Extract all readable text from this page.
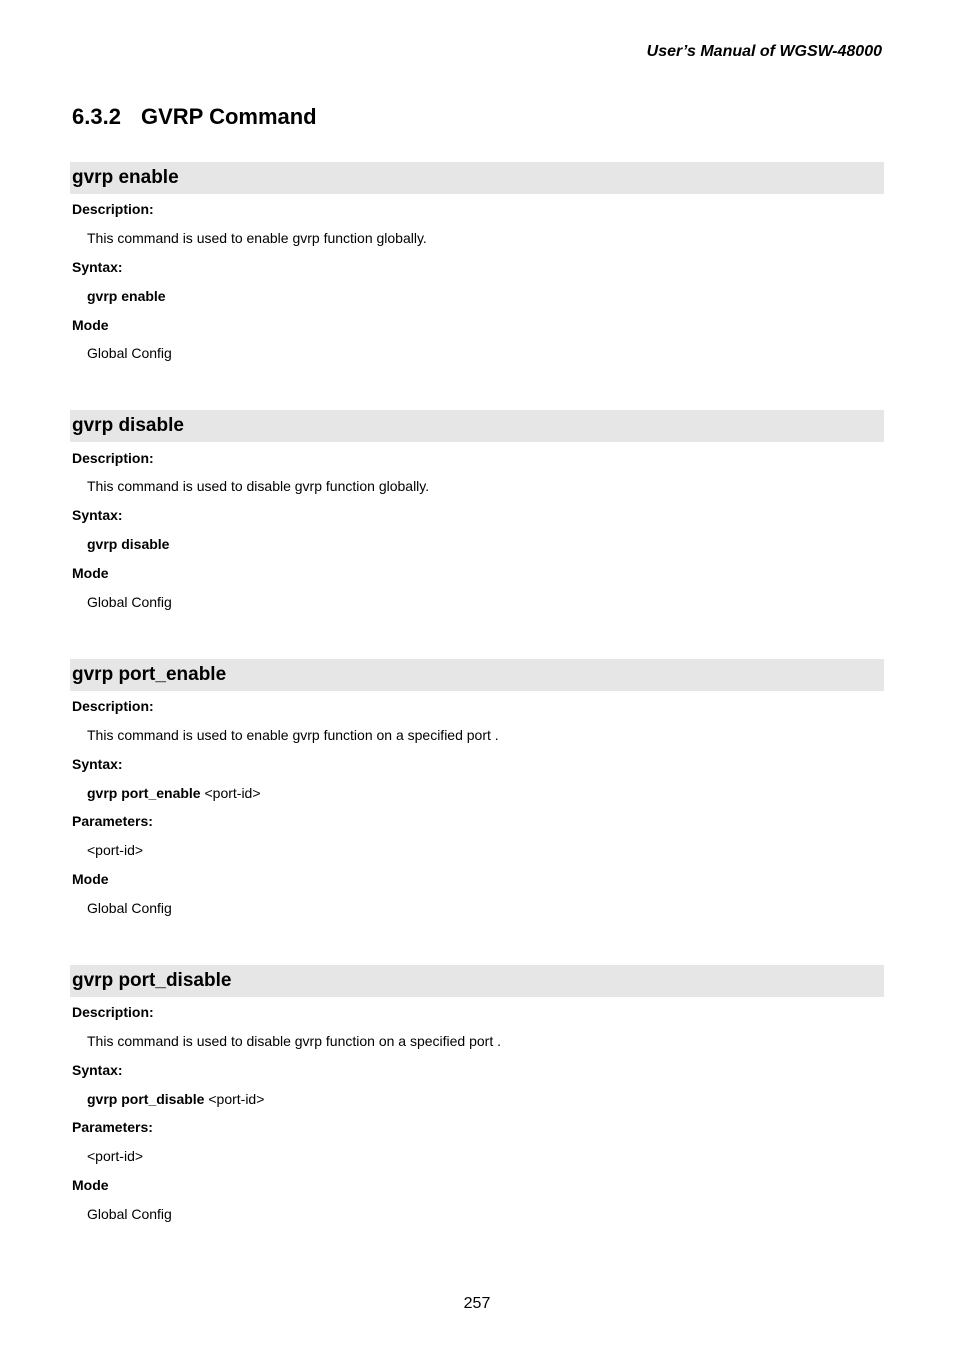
User’s Manual of WGSW-48000
6.3.2 GVRP Command
gvrp enable
Description:
This command is used to enable gvrp function globally.
Syntax:
gvrp enable
Mode
Global Config
gvrp disable
Description:
This command is used to disable gvrp function globally.
Syntax:
gvrp disable
Mode
Global Config
gvrp port_enable
Description:
This command is used to enable gvrp function on a specified port .
Syntax:
gvrp port_enable <port-id>
Parameters:
<port-id>
Mode
Global Config
gvrp port_disable
Description:
This command is used to disable gvrp function on a specified port .
Syntax:
gvrp port_disable <port-id>
Parameters:
<port-id>
Mode
Global Config
257
